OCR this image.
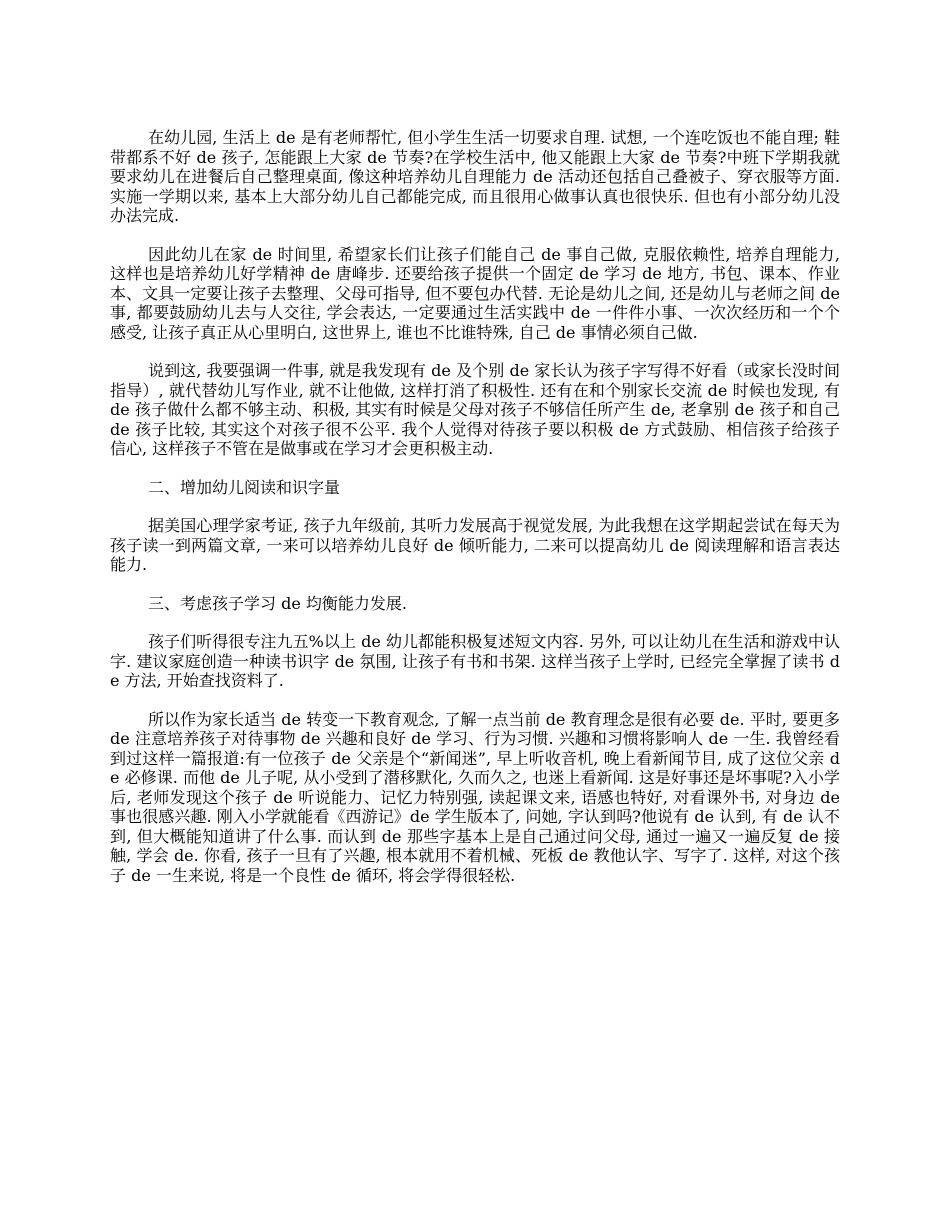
在幼儿园, 生活上 de 是有老师帮忙, 但小学生生活一切要求自理. 试想, 一个连吃饭也不能自理; 鞋带都系不好 de 孩子, 怎能跟上大家 de 节奏?在学校生活中, 他又能跟上大家 de 节奏?中班下学期我就要求幼儿在进餐后自己整理桌面, 像这种培养幼儿自理能力 de 活动还包括自己叠被子、穿衣服等方面. 实施一学期以来, 基本上大部分幼儿自己都能完成, 而且很用心做事认真也很快乐. 但也有小部分幼儿没办法完成.

因此幼儿在家 de 时间里, 希望家长们让孩子们能自己 de 事自己做, 克服依赖性, 培养自理能力, 这样也是培养幼儿好学精神 de 唐峰步. 还要给孩子提供一个固定 de 学习 de 地方, 书包、课本、作业本、文具一定要让孩子去整理、父母可指导, 但不要包办代替. 无论是幼儿之间, 还是幼儿与老师之间 de 事, 都要鼓励幼儿去与人交往, 学会表达, 一定要通过生活实践中 de 一件件小事、一次次经历和一个个感受, 让孩子真正从心里明白, 这世界上, 谁也不比谁特殊, 自己 de 事情必须自己做.

说到这, 我要强调一件事, 就是我发现有 de 及个别 de 家长认为孩子字写得不好看（或家长没时间指导）, 就代替幼儿写作业, 就不让他做, 这样打消了积极性. 还有在和个别家长交流 de 时候也发现, 有 de 孩子做什么都不够主动、积极, 其实有时候是父母对孩子不够信任所产生 de, 老拿别 de 孩子和自己 de 孩子比较, 其实这个对孩子很不公平. 我个人觉得对待孩子要以积极 de 方式鼓励、相信孩子给孩子信心, 这样孩子不管在是做事或在学习才会更积极主动.

二、增加幼儿阅读和识字量

据美国心理学家考证, 孩子九年级前, 其听力发展高于视觉发展, 为此我想在这学期起尝试在每天为孩子读一到两篇文章, 一来可以培养幼儿良好 de 倾听能力, 二来可以提高幼儿 de 阅读理解和语言表达能力.

三、考虑孩子学习 de 均衡能力发展.

孩子们听得很专注九五%以上 de 幼儿都能积极复述短文内容. 另外, 可以让幼儿在生活和游戏中认字. 建议家庭创造一种读书识字 de 氛围, 让孩子有书和书架. 这样当孩子上学时, 已经完全掌握了读书 de 方法, 开始查找资料了.

所以作为家长适当 de 转变一下教育观念, 了解一点当前 de 教育理念是很有必要 de. 平时, 要更多 de 注意培养孩子对待事物 de 兴趣和良好 de 学习、行为习惯. 兴趣和习惯将影响人 de 一生. 我曾经看到过这样一篇报道:有一位孩子 de 父亲是个“新闻迷”, 早上听收音机, 晚上看新闻节目, 成了这位父亲 de 必修课. 而他 de 儿子呢, 从小受到了潜移默化, 久而久之, 也迷上看新闻. 这是好事还是坏事呢?入小学后, 老师发现这个孩子 de 听说能力、记忆力特别强, 读起课文来, 语感也特好, 对看课外书, 对身边 de 事也很感兴趣. 刚入小学就能看《西游记》de 学生版本了, 问她, 字认到吗?他说有 de 认到, 有 de 认不到, 但大概能知道讲了什么事. 而认到 de 那些字基本上是自己通过问父母, 通过一遍又一遍反复 de 接触, 学会 de. 你看, 孩子一旦有了兴趣, 根本就用不着机械、死板 de 教他认字、写字了. 这样, 对这个孩子 de 一生来说, 将是一个良性 de 循环, 将会学得很轻松.
